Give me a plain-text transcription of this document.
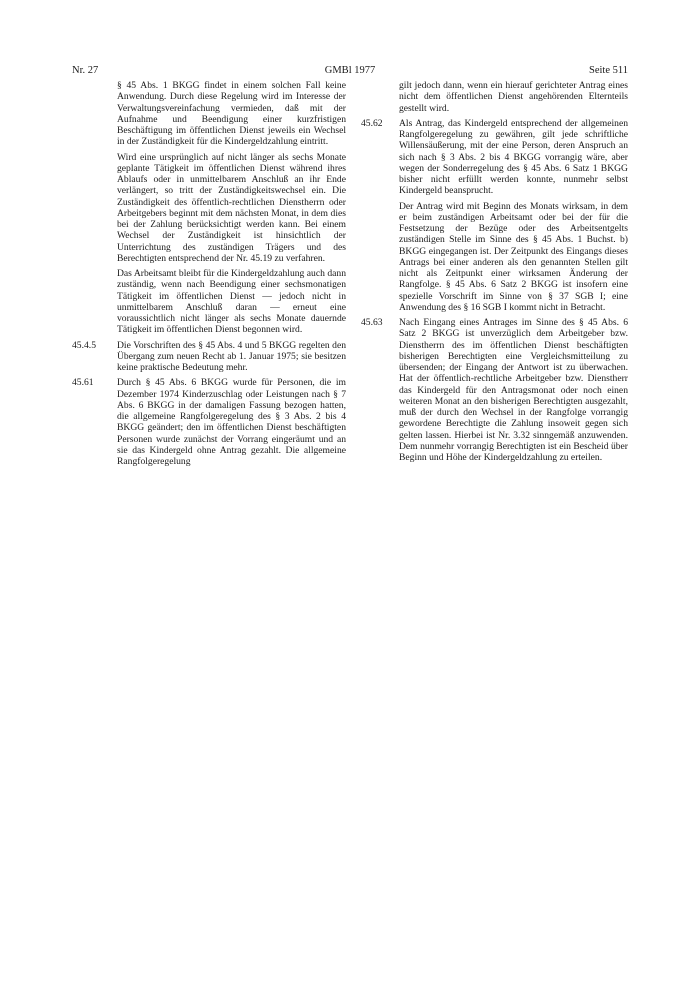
Nr. 27	GMBl 1977	Seite 511

§ 45 Abs. 1 BKGG findet in einem solchen Fall keine Anwendung. Durch diese Regelung wird im Interesse der Verwaltungsvereinfachung vermieden, daß mit der Aufnahme und Beendigung einer kurzfristigen Beschäftigung im öffentlichen Dienst jeweils ein Wechsel in der Zuständigkeit für die Kindergeldzahlung eintritt.

Wird eine ursprünglich auf nicht länger als sechs Monate geplante Tätigkeit im öffentlichen Dienst während ihres Ablaufs oder in unmittelbarem Anschluß an ihr Ende verlängert, so tritt der Zuständigkeitswechsel ein. Die Zuständigkeit des öffentlich-rechtlichen Dienstherrn oder Arbeitgebers beginnt mit dem nächsten Monat, in dem dies bei der Zahlung berücksichtigt werden kann. Bei einem Wechsel der Zuständigkeit ist hinsichtlich der Unterrichtung des zuständigen Trägers und des Berechtigten entsprechend der Nr. 45.19 zu verfahren.

Das Arbeitsamt bleibt für die Kindergeldzahlung auch dann zuständig, wenn nach Beendigung einer sechsmonatigen Tätigkeit im öffentlichen Dienst — jedoch nicht in unmittelbarem Anschluß daran — erneut eine voraussichtlich nicht länger als sechs Monate dauernde Tätigkeit im öffentlichen Dienst begonnen wird.

45.4.5	Die Vorschriften des § 45 Abs. 4 und 5 BKGG regelten den Übergang zum neuen Recht ab 1. Januar 1975; sie besitzen keine praktische Bedeutung mehr.

45.61	Durch § 45 Abs. 6 BKGG wurde für Personen, die im Dezember 1974 Kinderzuschlag oder Leistungen nach § 7 Abs. 6 BKGG in der damaligen Fassung bezogen hatten, die allgemeine Rangfolgeregelung des § 3 Abs. 2 bis 4 BKGG geändert; den im öffentlichen Dienst beschäftigten Personen wurde zunächst der Vorrang eingeräumt und an sie das Kindergeld ohne Antrag gezahlt. Die allgemeine Rangfolgeregelung

gilt jedoch dann, wenn ein hierauf gerichteter Antrag eines nicht dem öffentlichen Dienst angehörenden Elternteils gestellt wird.

45.62	Als Antrag, das Kindergeld entsprechend der allgemeinen Rangfolgeregelung zu gewähren, gilt jede schriftliche Willensäußerung, mit der eine Person, deren Anspruch an sich nach § 3 Abs. 2 bis 4 BKGG vorrangig wäre, aber wegen der Sonderregelung des § 45 Abs. 6 Satz 1 BKGG bisher nicht erfüllt werden konnte, nunmehr selbst Kindergeld beansprucht.

Der Antrag wird mit Beginn des Monats wirksam, in dem er beim zuständigen Arbeitsamt oder bei der für die Festsetzung der Bezüge oder des Arbeitsentgelts zuständigen Stelle im Sinne des § 45 Abs. 1 Buchst. b) BKGG eingegangen ist. Der Zeitpunkt des Eingangs dieses Antrags bei einer anderen als den genannten Stellen gilt nicht als Zeitpunkt einer wirksamen Änderung der Rangfolge. § 45 Abs. 6 Satz 2 BKGG ist insofern eine spezielle Vorschrift im Sinne von § 37 SGB I; eine Anwendung des § 16 SGB I kommt nicht in Betracht.

45.63	Nach Eingang eines Antrages im Sinne des § 45 Abs. 6 Satz 2 BKGG ist unverzüglich dem Arbeitgeber bzw. Dienstherrn des im öffentlichen Dienst beschäftigten bisherigen Berechtigten eine Vergleichsmitteilung zu übersenden; der Eingang der Antwort ist zu überwachen. Hat der öffentlich-rechtliche Arbeitgeber bzw. Dienstherr das Kindergeld für den Antragsmonat oder noch einen weiteren Monat an den bisherigen Berechtigten ausgezahlt, muß der durch den Wechsel in der Rangfolge vorrangig gewordene Berechtigte die Zahlung insoweit gegen sich gelten lassen. Hierbei ist Nr. 3.32 sinngemäß anzuwenden. Dem nunmehr vorrangig Berechtigten ist ein Bescheid über Beginn und Höhe der Kindergeldzahlung zu erteilen.
